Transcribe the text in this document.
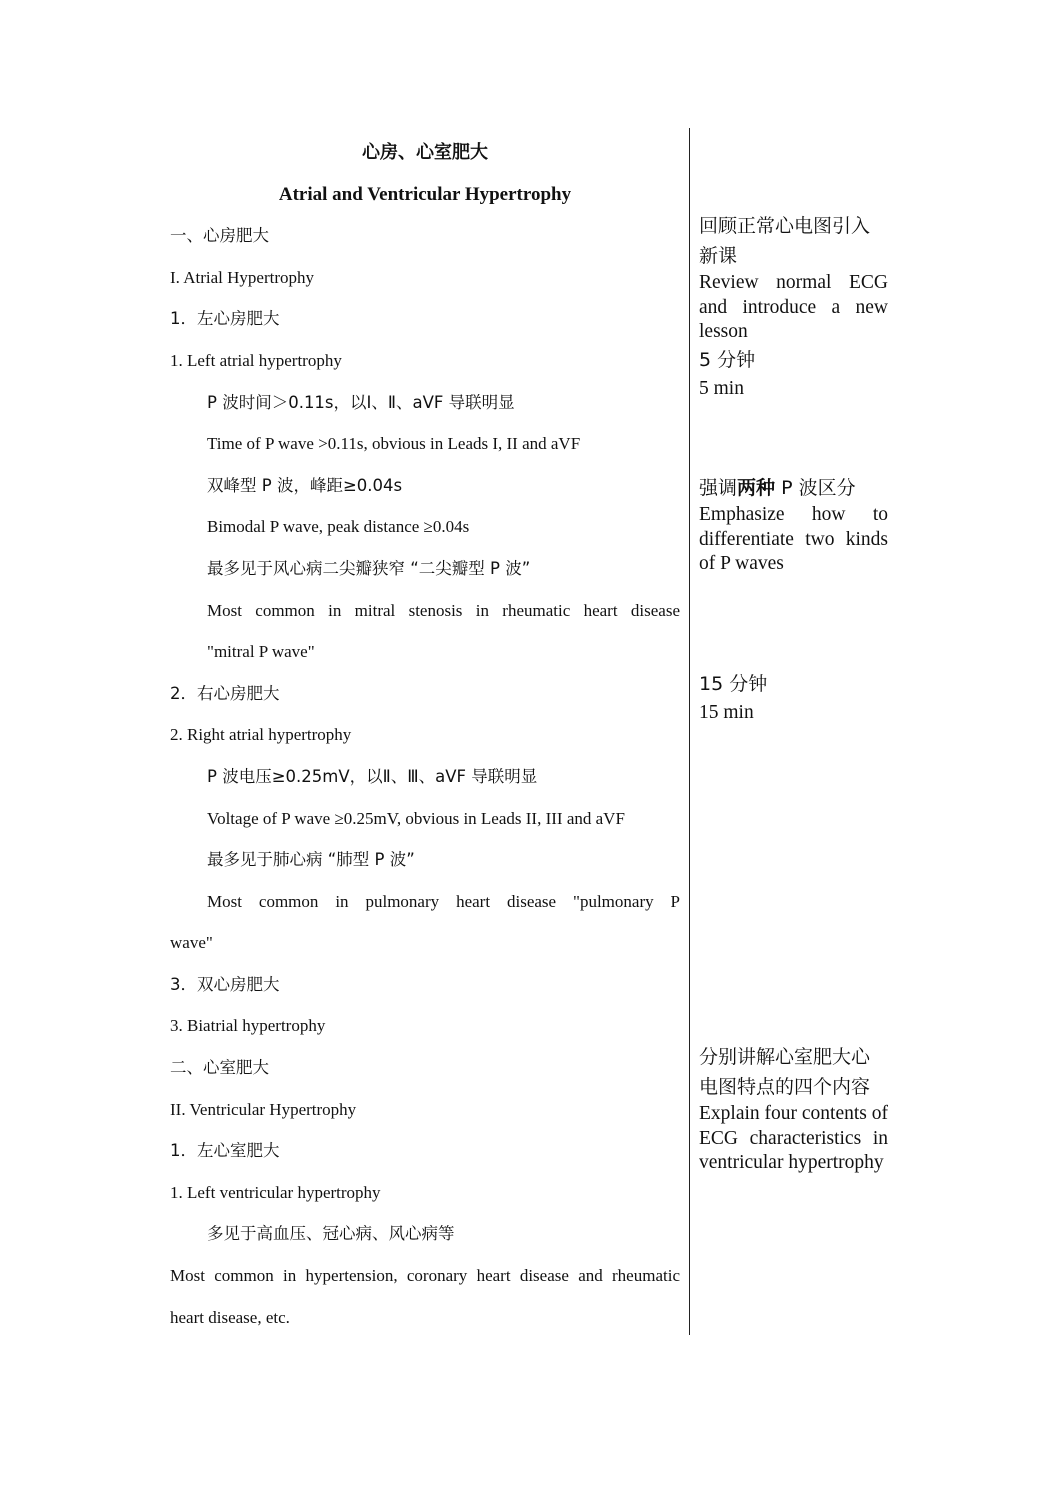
心房、心室肥大
Atrial and Ventricular Hypertrophy
一、心房肥大
I. Atrial Hypertrophy
1．左心房肥大
1. Left atrial hypertrophy
P 波时间＞0.11s，以Ⅰ、Ⅱ、aVF 导联明显
Time of P wave >0.11s, obvious in Leads I, II and aVF
双峰型 P 波，峰距≥0.04s
Bimodal P wave, peak distance ≥0.04s
最多见于风心病二尖瓣狭窄 “二尖瓣型 P 波”
Most common in mitral stenosis in rheumatic heart disease
"mitral P wave"
2．右心房肥大
2. Right atrial hypertrophy
P 波电压≥0.25mV，以Ⅱ、Ⅲ、aVF 导联明显
Voltage of P wave ≥0.25mV, obvious in Leads II, III and aVF
最多见于肺心病 “肺型 P 波”
Most common in pulmonary heart disease "pulmonary P
wave"
3．双心房肥大
3. Biatrial hypertrophy
二、心室肥大
II. Ventricular Hypertrophy
1．左心室肥大
1. Left ventricular hypertrophy
多见于高血压、冠心病、风心病等
Most common in hypertension, coronary heart disease and rheumatic
heart disease, etc.
回顾正常心电图引入新课
Review normal ECG and introduce a new lesson
5 分钟
5 min
强调两种 P 波区分
Emphasize how to differentiate two kinds of P waves
15 分钟
15 min
分别讲解心室肥大心电图特点的四个内容
Explain four contents of ECG characteristics in ventricular hypertrophy
